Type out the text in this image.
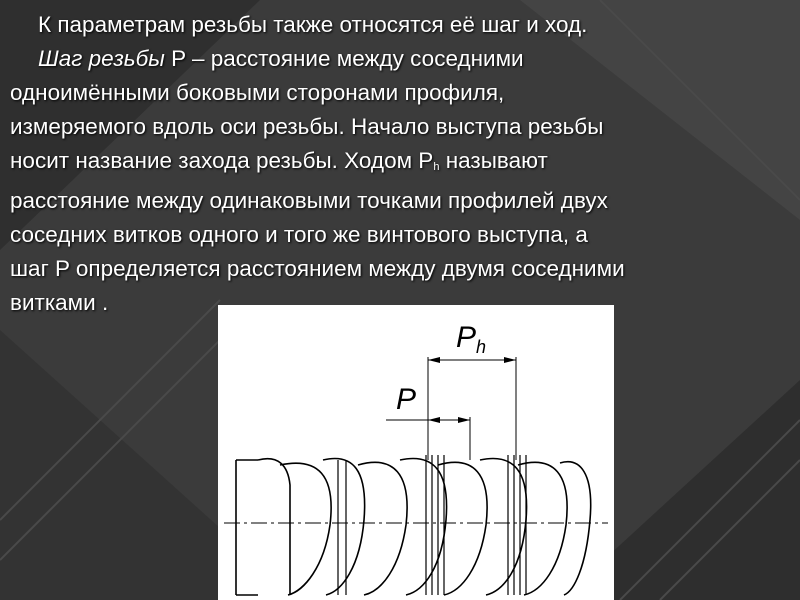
К параметрам резьбы также относятся её шаг и ход.
Шаг резьбы P – расстояние между соседними
одноимёнными боковыми сторонами профиля,
измеряемого вдоль оси резьбы. Начало выступа резьбы
носит название захода резьбы. Ходом Ph называют
расстояние между одинаковыми точками профилей двух
соседних витков одного и того же винтового выступа, а
шаг P определяется расстоянием между двумя соседними
витками .
P
P h
